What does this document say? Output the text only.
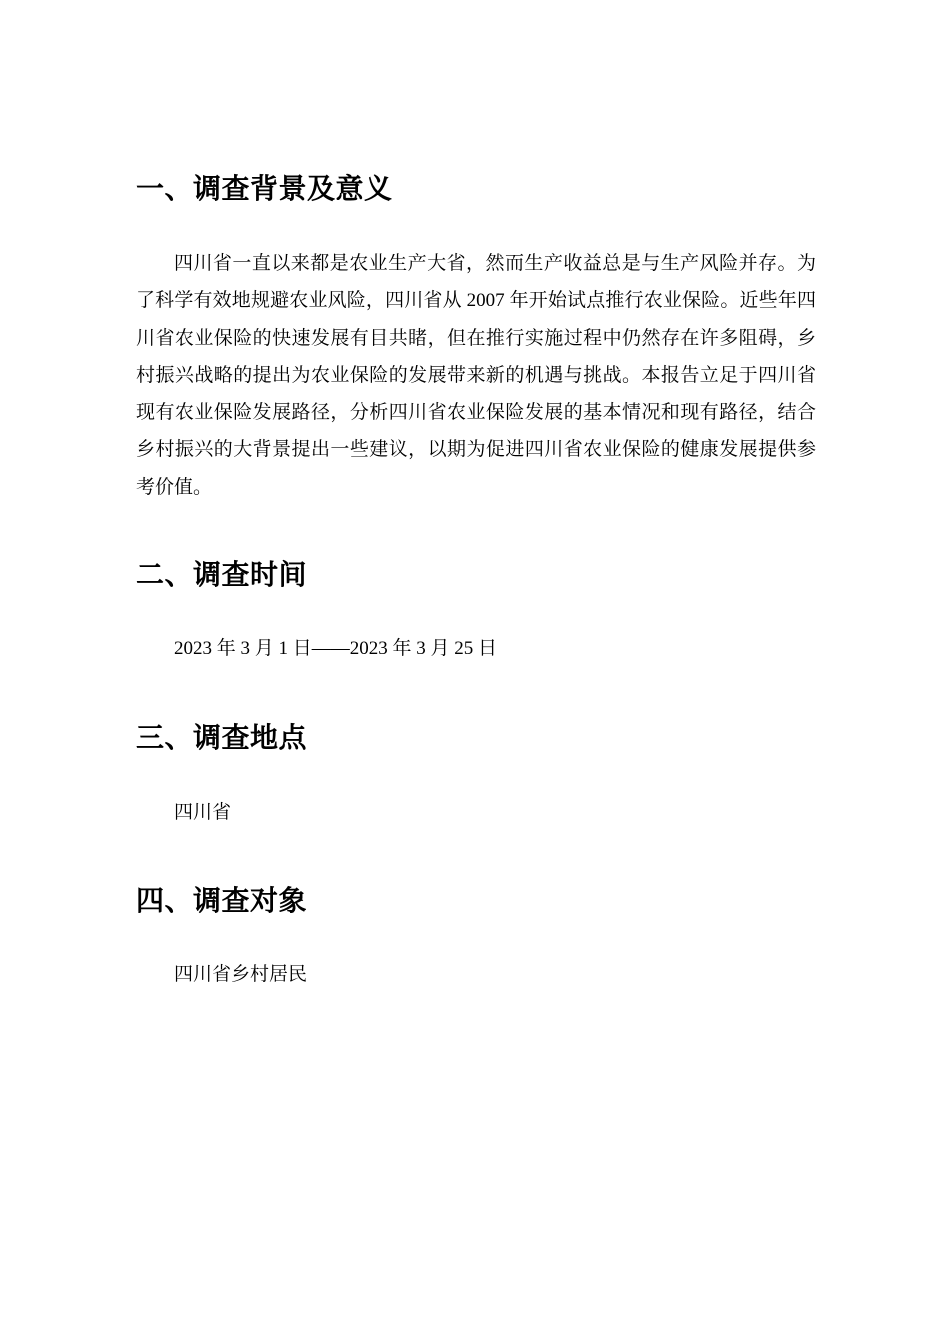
一、调查背景及意义

四川省一直以来都是农业生产大省，然而生产收益总是与生产风险并存。为了科学有效地规避农业风险，四川省从 2007 年开始试点推行农业保险。近些年四川省农业保险的快速发展有目共睹，但在推行实施过程中仍然存在许多阻碍，乡村振兴战略的提出为农业保险的发展带来新的机遇与挑战。本报告立足于四川省现有农业保险发展路径，分析四川省农业保险发展的基本情况和现有路径，结合乡村振兴的大背景提出一些建议，以期为促进四川省农业保险的健康发展提供参考价值。

二、调查时间

2023 年 3 月 1 日——2023 年 3 月 25 日

三、调查地点

四川省

四、调查对象

四川省乡村居民
